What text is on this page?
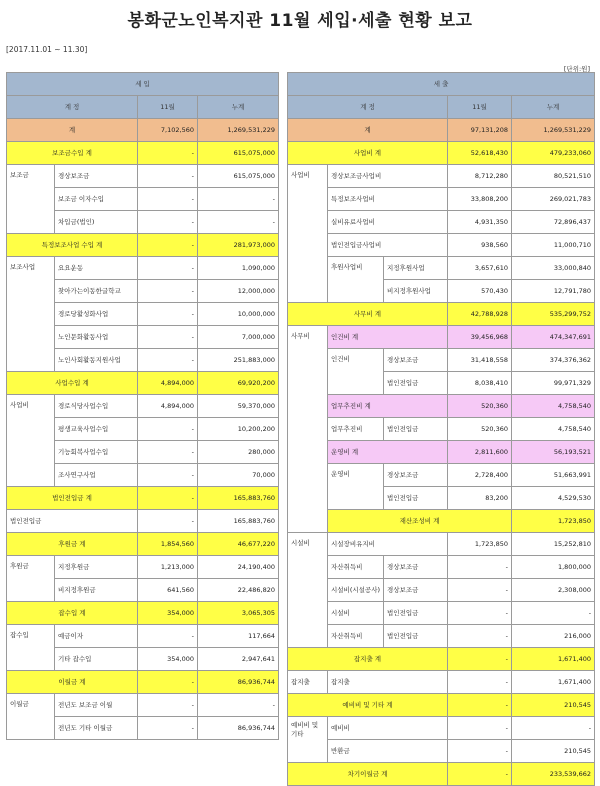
봉화군노인복지관 11월 세입·세출 현황 보고
[2017.11.01 ~ 11.30]
[단위:원]
세 입			
계 정		11월	누계
계		7,102,560	1,269,531,229
보조금수입 계		-	615,075,000
보조금	경상보조금	-	615,075,000
	보조금 이자수입	-	-
	차입금(법인)	-	-
특정보조사업 수입 계		-	281,973,000
보조사업	요요운동	-	1,090,000
	찾아가는이동한글학교	-	12,000,000
	경로당활성화사업	-	10,000,000
	노인문화활동사업	-	7,000,000
	노인사회활동지원사업	-	251,883,000
사업수입 계		4,894,000	69,920,200
사업비	경로식당사업수입	4,894,000	59,370,000
	평생교육사업수입	-	10,200,200
	기능회복사업수입	-	280,000
	조사연구사업	-	70,000
법인전입금 계		-	165,883,760
법인전입금		-	165,883,760
후원금 계		1,854,560	46,677,220
후원금	지정후원금	1,213,000	24,190,400
	비지정후원금	641,560	22,486,820
잡수입 계		354,000	3,065,305
잡수입	예금이자	-	117,664
	기타 잡수입	354,000	2,947,641
이월금 계		-	86,936,744
이월금	전년도 보조금 이월	-	-
	전년도 기타 이월금	-	86,936,744
세 출					
계 정			11월	누계	
계			97,131,208	1,269,531,229	
사업비 계			52,618,430	479,233,060	
사업비	경상보조금사업비		8,712,280	80,521,510	
	특정보조사업비		33,808,200	269,021,783	
	실비유료사업비		4,931,350	72,896,437	
	법인전입금사업비		938,560	11,000,710	
	후원사업비	지정후원사업	3,657,610	33,000,840	
		비지정후원사업	570,430	12,791,780	
사무비 계			42,788,928	535,299,752	
사무비	인건비 계		39,456,968	474,347,691	
	인건비	경상보조금	31,418,558	374,376,362	
		법인전입금	8,038,410	99,971,329	
	업무추진비 계		520,360	4,758,540	
	업무추진비	법인전입금	520,360	4,758,540	
	운영비 계		2,811,600	56,193,521	
	운영비	경상보조금	2,728,400	51,663,991	
		법인전입금	83,200	4,529,530	
	재산조성비 계			1,723,850	
시설비	시설장비유지비		1,723,850	15,252,810	
	자산취득비	경상보조금	-	1,800,000	
	시설비(시설공사)	경상보조금	-	2,308,000	
	시설비	법인전입금	-	-	
	자산취득비	법인전입금	-	216,000	
잡지출 계			-	1,671,400	
잡지출	잡지출		-	1,671,400	
예비비 및 기타 계			-	210,545	
예비비 및기타	예비비		-	-	
	반환금		-	210,545	
차기이월금 계			-	233,539,662	
